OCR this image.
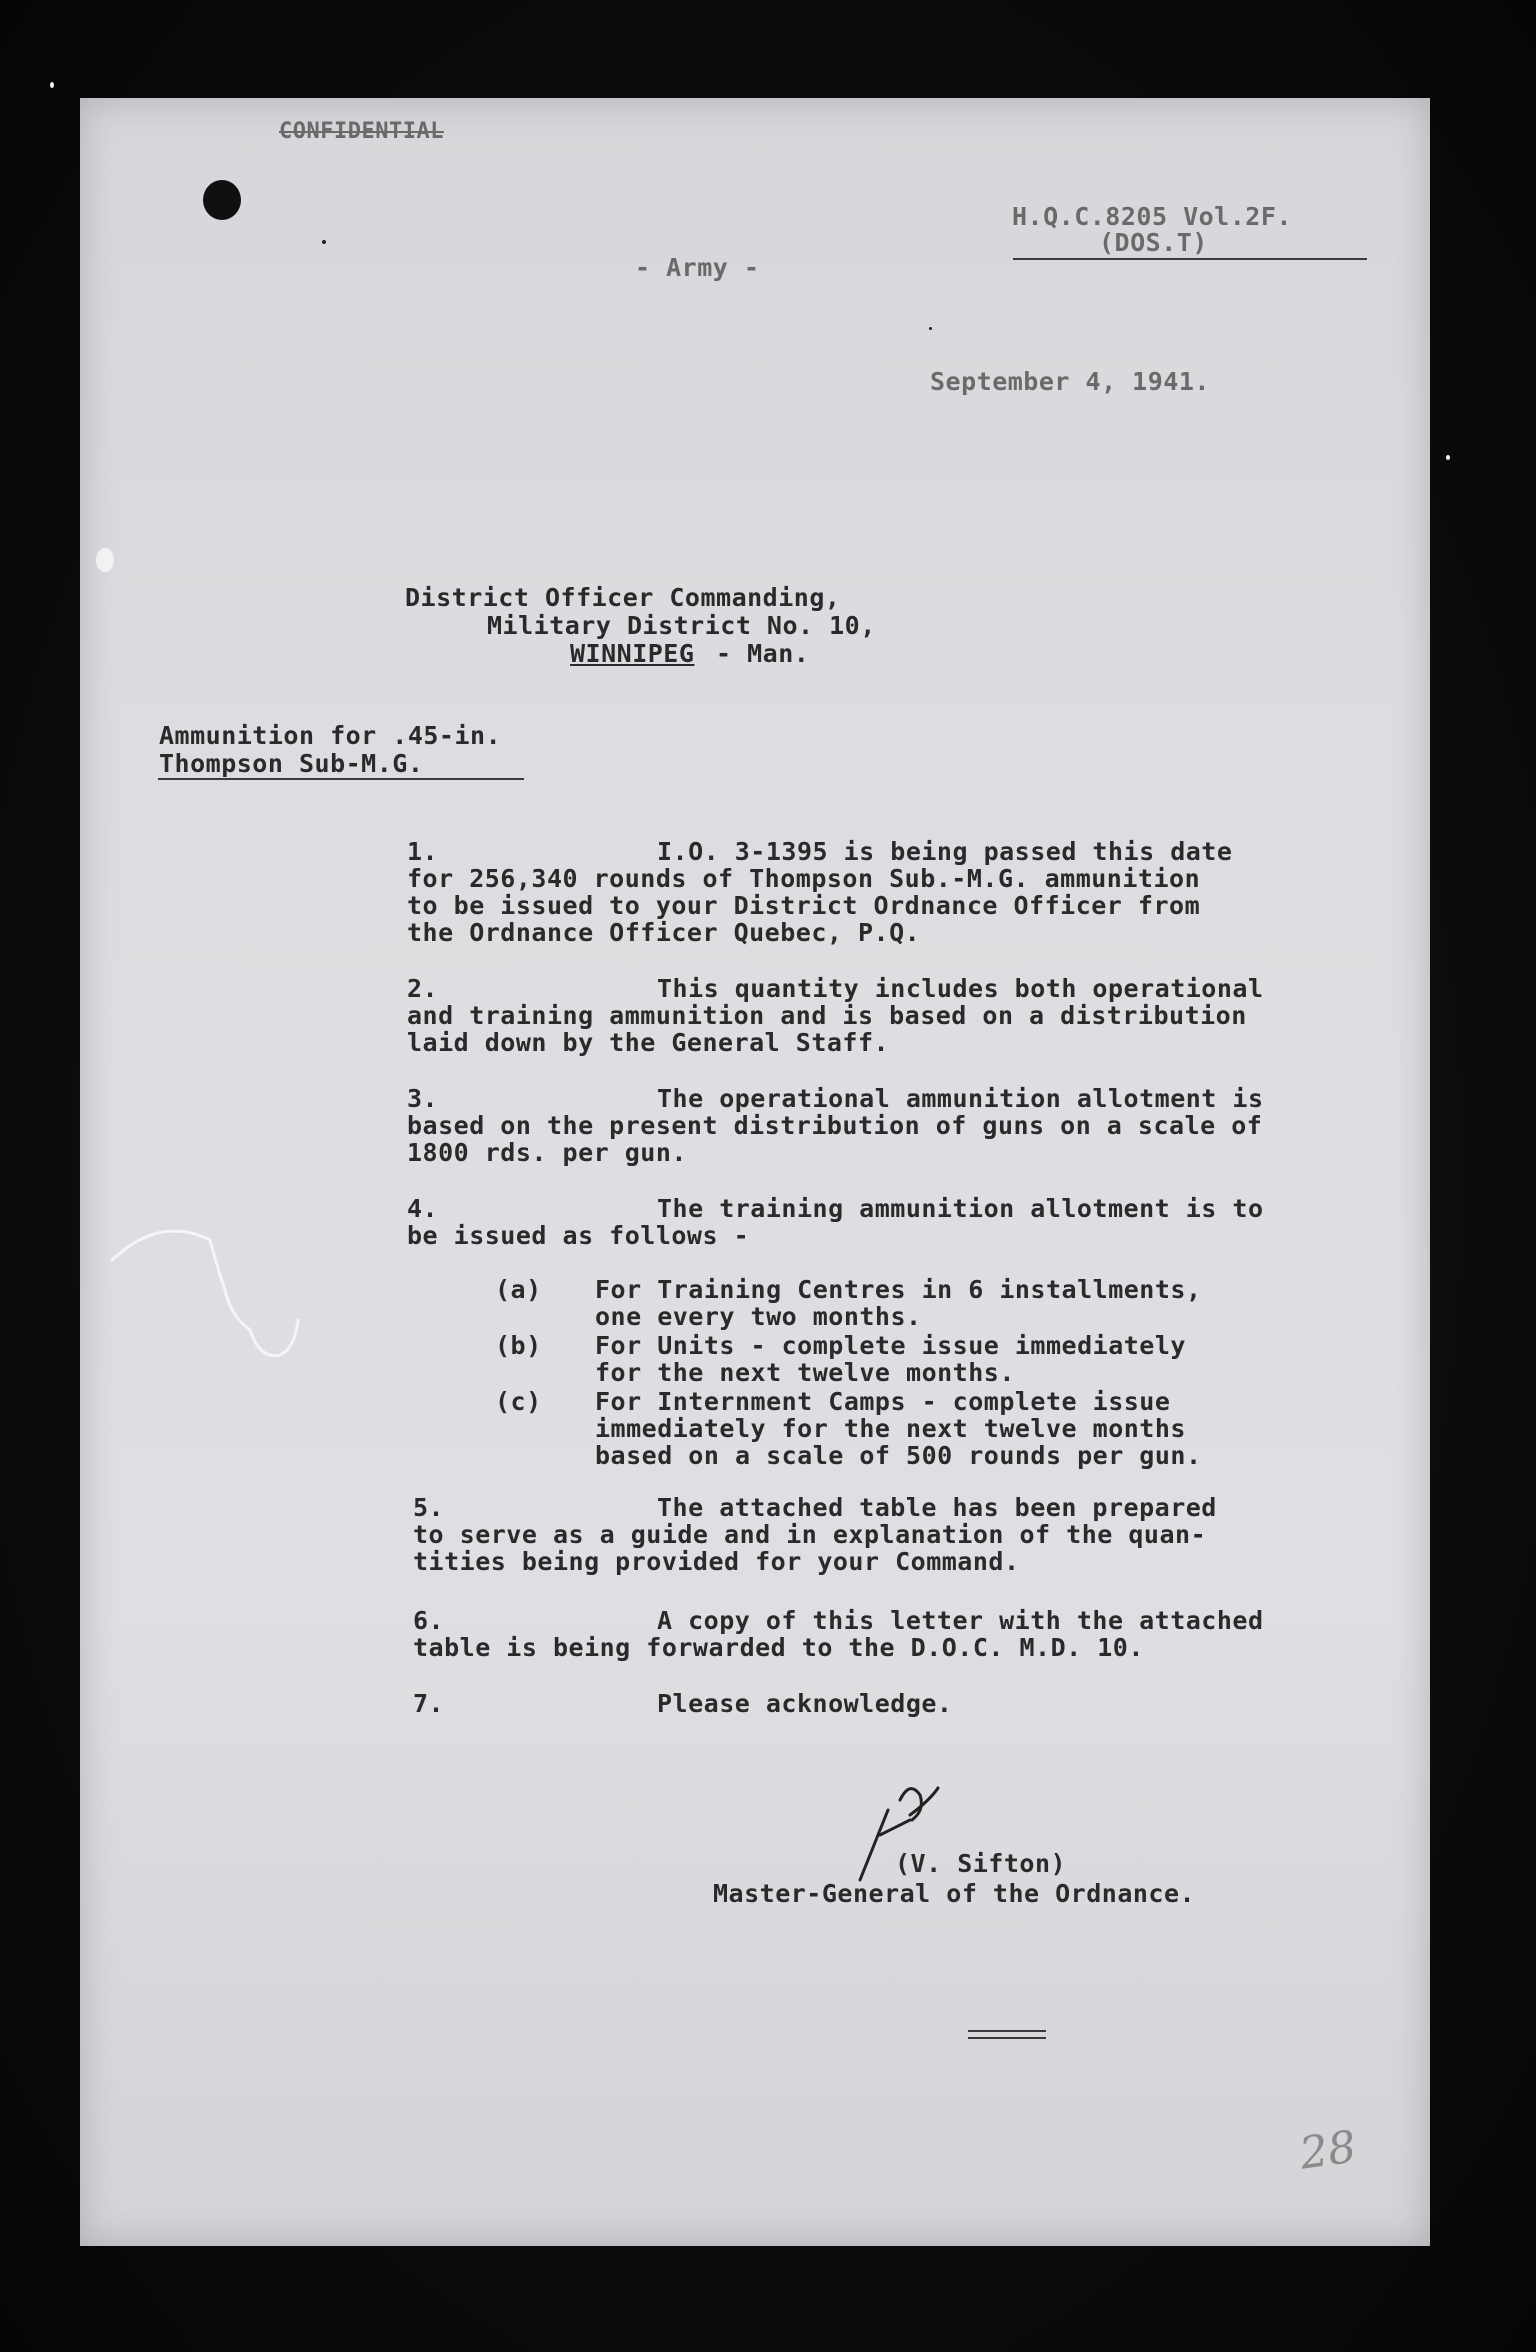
CONFIDENTIAL
H.Q.C.8205 Vol.2F.
(DOS.T)
- Army -
September 4, 1941.
District Officer Commanding,
Military District No. 10,
WINNIPEG - Man.
Ammunition for .45-in.
Thompson Sub-M.G.
1.	I.O. 3-1395 is being passed this date
for 256,340 rounds of Thompson Sub.-M.G. ammunition
to be issued to your District Ordnance Officer from
the Ordnance Officer Quebec, P.Q.
2.	This quantity includes both operational
and training ammunition and is based on a distribution
laid down by the General Staff.
3.	The operational ammunition allotment is
based on the present distribution of guns on a scale of
1800 rds. per gun.
4.	The training ammunition allotment is to
be issued as follows -
(a) For Training Centres in 6 installments,
one every two months.
(b) For Units - complete issue immediately
for the next twelve months.
(c) For Internment Camps - complete issue
immediately for the next twelve months
based on a scale of 500 rounds per gun.
5.	The attached table has been prepared
to serve as a guide and in explanation of the quan-
tities being provided for your Command.
6.	A copy of this letter with the attached
table is being forwarded to the D.O.C. M.D. 10.
7.	Please acknowledge.
(V. Sifton)
Master-General of the Ordnance.
28
